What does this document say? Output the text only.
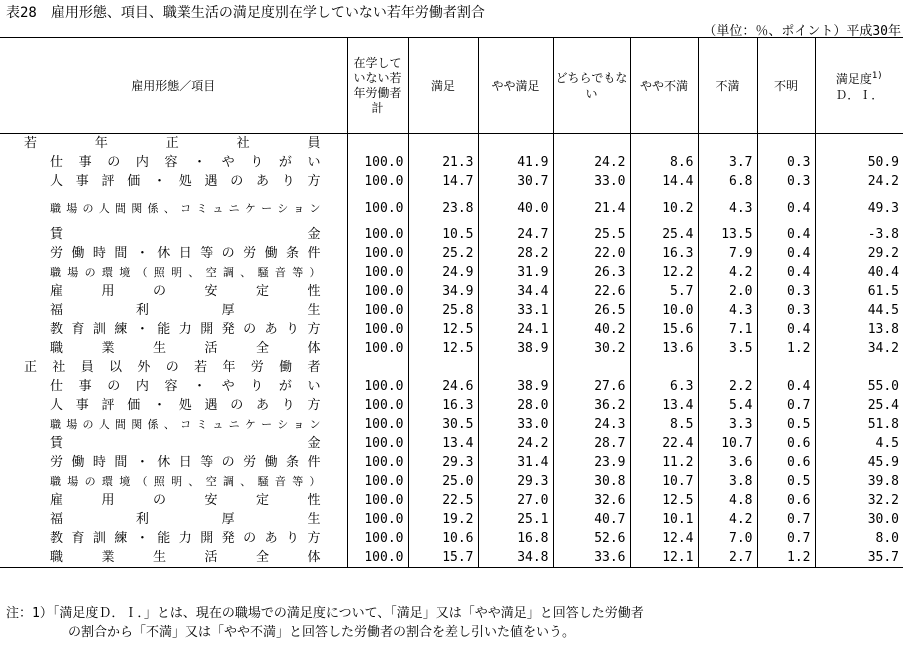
表28　雇用形態、項目、職業生活の満足度別在学していない若年労働者割合
（単位：％、ポイント）平成30年
雇用形態／項目	在学していない若年労働者計	満足	やや満足	どちらでもない	やや不満	不満	不明	満足度$^{1)}$
Ｄ．Ｉ．
若年正社員								
仕事の内容・やりがい	100.0	21.3	41.9	24.2	8.6	3.7	0.3	50.9
人事評価・処遇のあり方	100.0	14.7	30.7	33.0	14.4	6.8	0.3	24.2
職場の人間関係、コミュニケーション	100.0	23.8	40.0	21.4	10.2	4.3	0.4	49.3
賃金	100.0	10.5	24.7	25.5	25.4	13.5	0.4	-3.8
労働時間・休日等の労働条件	100.0	25.2	28.2	22.0	16.3	7.9	0.4	29.2
職場の環境（照明、空調、騒音等）	100.0	24.9	31.9	26.3	12.2	4.2	0.4	40.4
雇用の安定性	100.0	34.9	34.4	22.6	5.7	2.0	0.3	61.5
福利厚生	100.0	25.8	33.1	26.5	10.0	4.3	0.3	44.5
教育訓練・能力開発のあり方	100.0	12.5	24.1	40.2	15.6	7.1	0.4	13.8
職業生活全体	100.0	12.5	38.9	30.2	13.6	3.5	1.2	34.2
正社員以外の若年労働者								
仕事の内容・やりがい	100.0	24.6	38.9	27.6	6.3	2.2	0.4	55.0
人事評価・処遇のあり方	100.0	16.3	28.0	36.2	13.4	5.4	0.7	25.4
職場の人間関係、コミュニケーション	100.0	30.5	33.0	24.3	8.5	3.3	0.5	51.8
賃金	100.0	13.4	24.2	28.7	22.4	10.7	0.6	4.5
労働時間・休日等の労働条件	100.0	29.3	31.4	23.9	11.2	3.6	0.6	45.9
職場の環境（照明、空調、騒音等）	100.0	25.0	29.3	30.8	10.7	3.8	0.5	39.8
雇用の安定性	100.0	22.5	27.0	32.6	12.5	4.8	0.6	32.2
福利厚生	100.0	19.2	25.1	40.7	10.1	4.2	0.7	30.0
教育訓練・能力開発のあり方	100.0	10.6	16.8	52.6	12.4	7.0	0.7	8.0
職業生活全体	100.0	15.7	34.8	33.6	12.1	2.7	1.2	35.7
注：1）「満足度Ｄ．Ｉ．」とは、現在の職場での満足度について、「満足」又は「やや満足」と回答した労働者
の割合から「不満」又は「やや不満」と回答した労働者の割合を差し引いた値をいう。
